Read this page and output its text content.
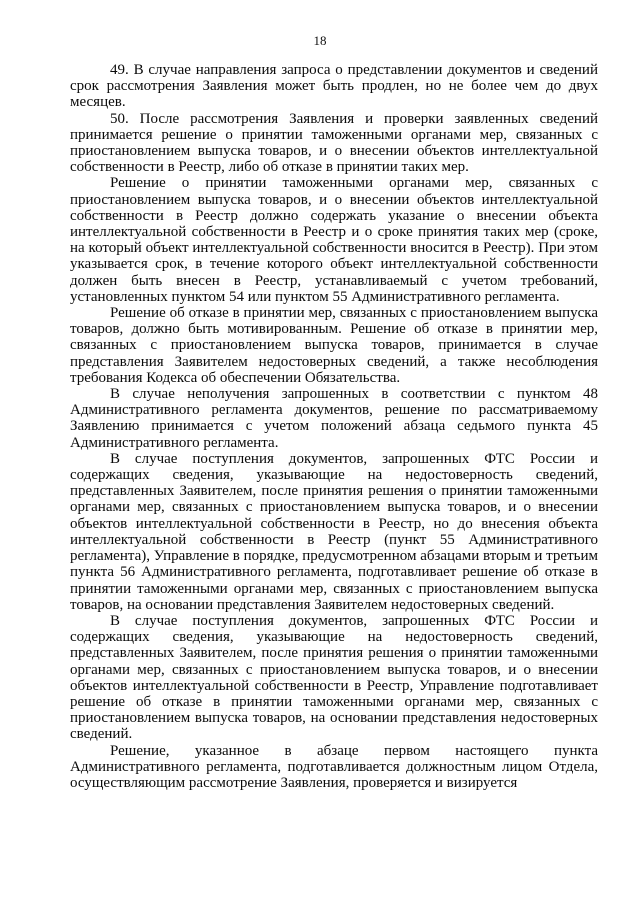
18

49. В случае направления запроса о представлении документов и сведений срок рассмотрения Заявления может быть продлен, но не более чем до двух месяцев.

50. После рассмотрения Заявления и проверки заявленных сведений принимается решение о принятии таможенными органами мер, связанных с приостановлением выпуска товаров, и о внесении объектов интеллектуальной собственности в Реестр, либо об отказе в принятии таких мер.

Решение о принятии таможенными органами мер, связанных с приостановлением выпуска товаров, и о внесении объектов интеллектуальной собственности в Реестр должно содержать указание о внесении объекта интеллектуальной собственности в Реестр и о сроке принятия таких мер (сроке, на который объект интеллектуальной собственности вносится в Реестр). При этом указывается срок, в течение которого объект интеллектуальной собственности должен быть внесен в Реестр, устанавливаемый с учетом требований, установленных пунктом 54 или пунктом 55 Административного регламента.

Решение об отказе в принятии мер, связанных с приостановлением выпуска товаров, должно быть мотивированным. Решение об отказе в принятии мер, связанных с приостановлением выпуска товаров, принимается в случае представления Заявителем недостоверных сведений, а также несоблюдения требования Кодекса об обеспечении Обязательства.

В случае неполучения запрошенных в соответствии с пунктом 48 Административного регламента документов, решение по рассматриваемому Заявлению принимается с учетом положений абзаца седьмого пункта 45 Административного регламента.

В случае поступления документов, запрошенных ФТС России и содержащих сведения, указывающие на недостоверность сведений, представленных Заявителем, после принятия решения о принятии таможенными органами мер, связанных с приостановлением выпуска товаров, и о внесении объектов интеллектуальной собственности в Реестр, но до внесения объекта интеллектуальной собственности в Реестр (пункт 55 Административного регламента), Управление в порядке, предусмотренном абзацами вторым и третьим пункта 56 Административного регламента, подготавливает решение об отказе в принятии таможенными органами мер, связанных с приостановлением выпуска товаров, на основании представления Заявителем недостоверных сведений.

В случае поступления документов, запрошенных ФТС России и содержащих сведения, указывающие на недостоверность сведений, представленных Заявителем, после принятия решения о принятии таможенными органами мер, связанных с приостановлением выпуска товаров, и о внесении объектов интеллектуальной собственности в Реестр, Управление подготавливает решение об отказе в принятии таможенными органами мер, связанных с приостановлением выпуска товаров, на основании представления недостоверных сведений.

Решение, указанное в абзаце первом настоящего пункта Административного регламента, подготавливается должностным лицом Отдела, осуществляющим рассмотрение Заявления, проверяется и визируется
